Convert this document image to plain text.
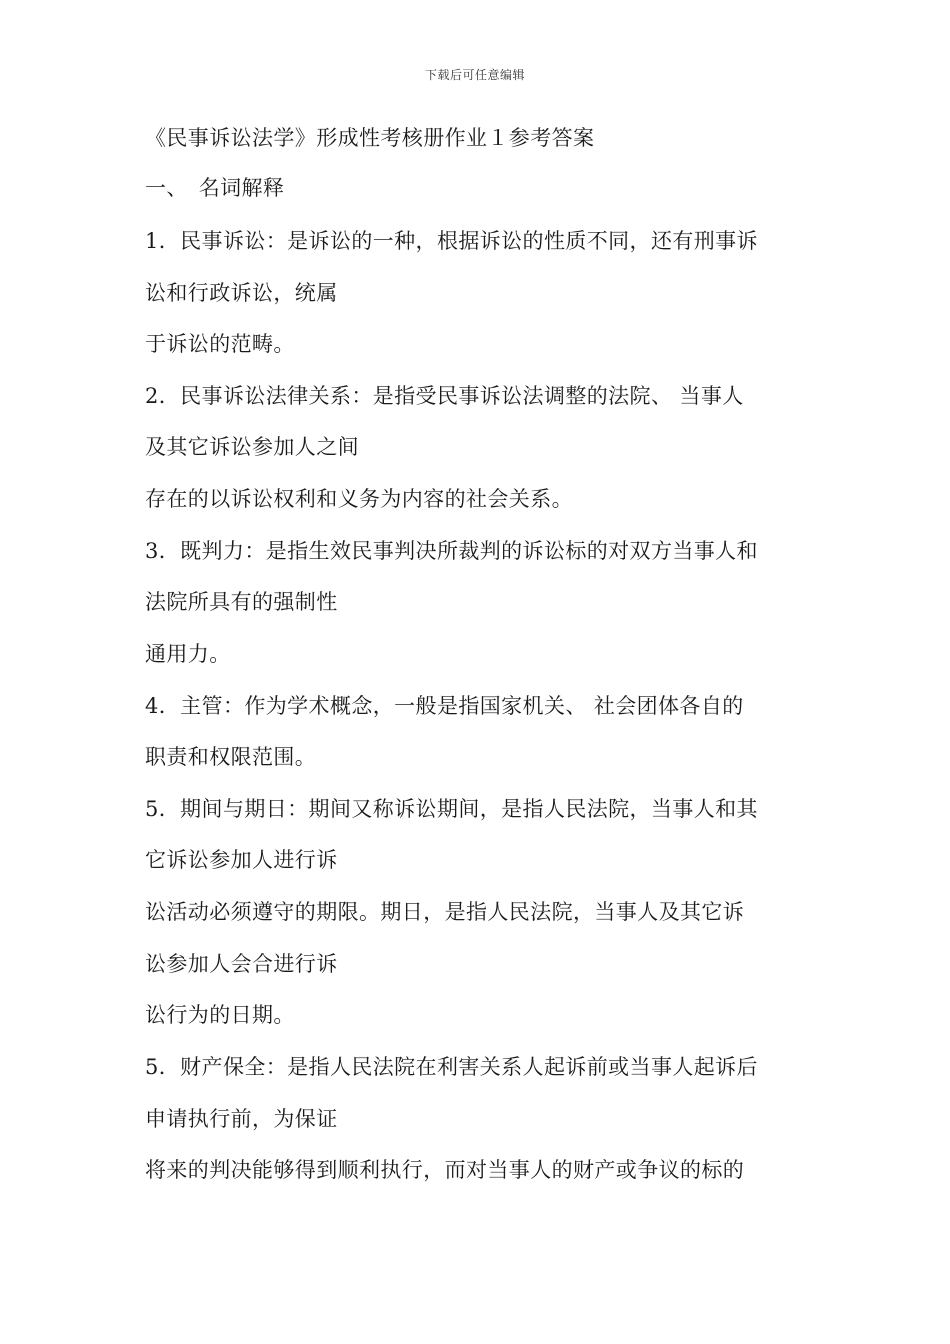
下载后可任意编辑
《民事诉讼法学》形成性考核册作业１参考答案
一、　名词解释
1．民事诉讼：是诉讼的一种，根据诉讼的性质不同，还有刑事诉
讼和行政诉讼，统属
于诉讼的范畴。
2．民事诉讼法律关系：是指受民事诉讼法调整的法院、 当事人
及其它诉讼参加人之间
存在的以诉讼权利和义务为内容的社会关系。
3．既判力：是指生效民事判决所裁判的诉讼标的对双方当事人和
法院所具有的强制性
通用力。
4．主管：作为学术概念，一般是指国家机关、 社会团体各自的
职责和权限范围。
5．期间与期日：期间又称诉讼期间，是指人民法院，当事人和其
它诉讼参加人进行诉
讼活动必须遵守的期限。期日，是指人民法院，当事人及其它诉
讼参加人会合进行诉
讼行为的日期。
5．财产保全：是指人民法院在利害关系人起诉前或当事人起诉后
申请执行前，为保证
将来的判决能够得到顺利执行，而对当事人的财产或争议的标的
